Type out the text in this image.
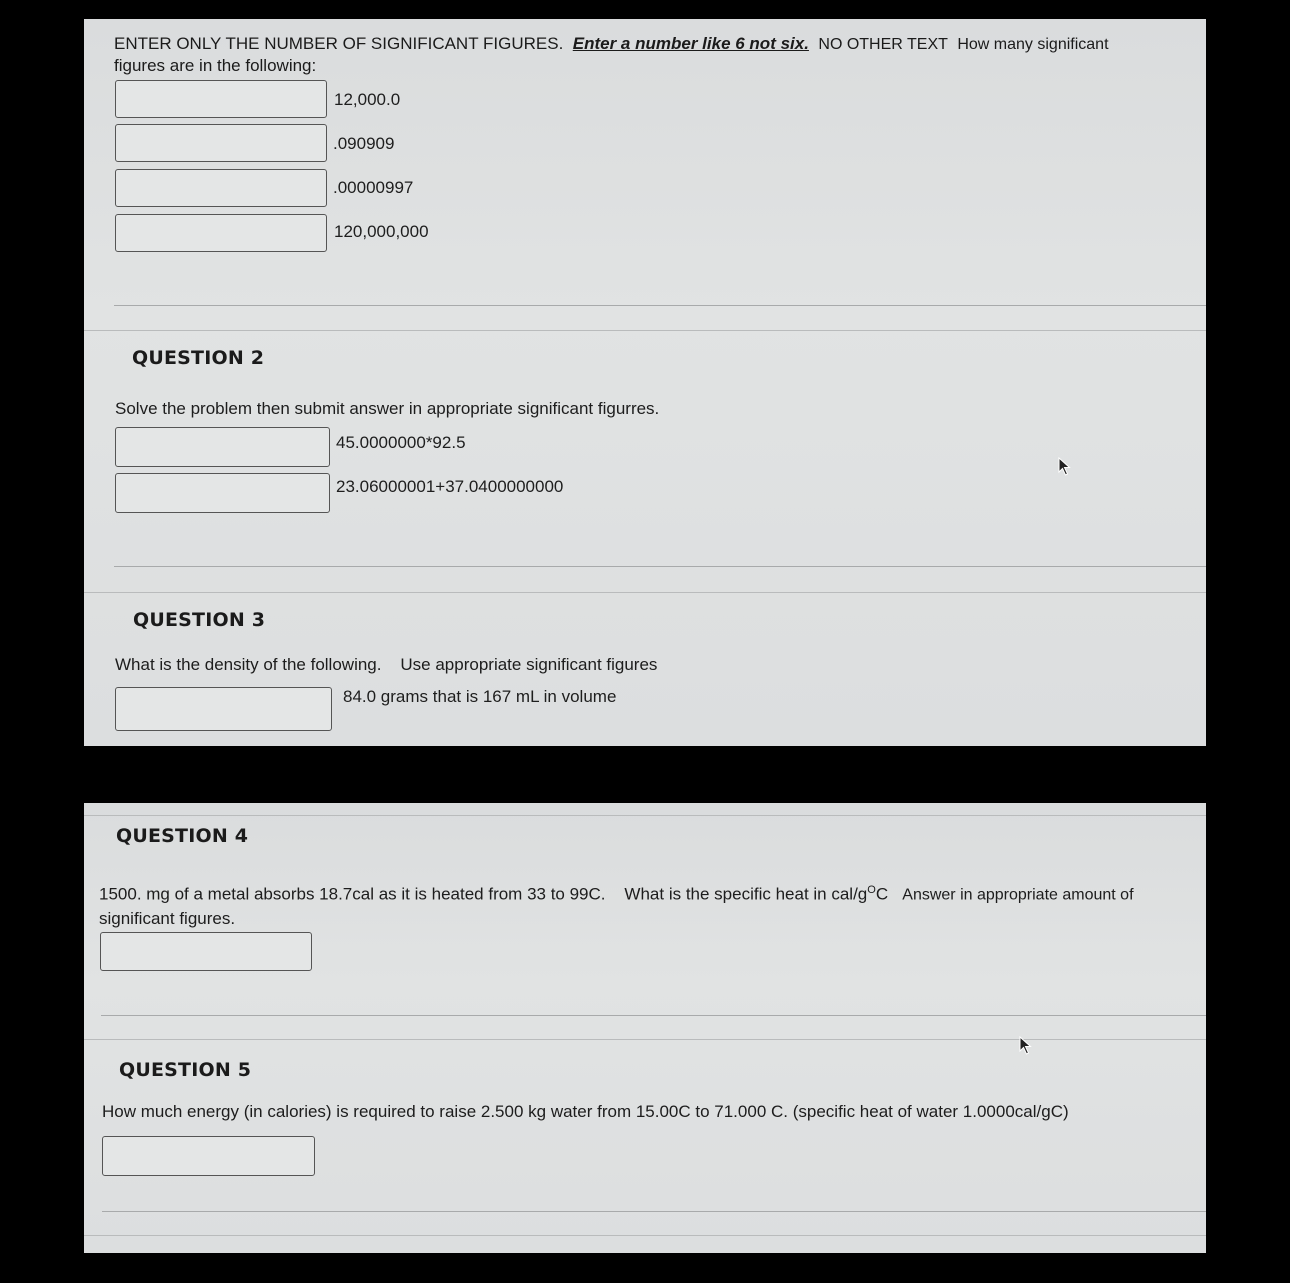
ENTER ONLY THE NUMBER OF SIGNIFICANT FIGURES. Enter a number like 6 not six. NO OTHER TEXT How many significant
figures are in the following:
12,000.0
.090909
.00000997
120,000,000
QUESTION 2
Solve the problem then submit answer in appropriate significant figurres.
45.0000000*92.5
23.06000001+37.0400000000
QUESTION 3
What is the density of the following. Use appropriate significant figures
84.0 grams that is 167 mL in volume
QUESTION 4
1500. mg of a metal absorbs 18.7cal as it is heated from 33 to 99C. What is the specific heat in cal/$g^OC$ Answer in appropriate amount of
significant figures.
QUESTION 5
How much energy (in calories) is required to raise 2.500 kg water from 15.00C to 71.000 C. (specific heat of water 1.0000cal/gC)
